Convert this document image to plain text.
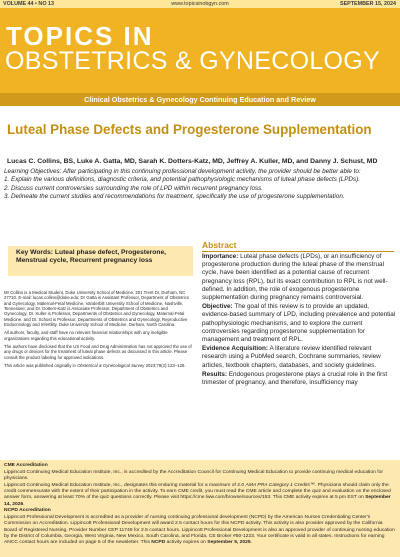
VOLUME 44 • NO 13	www.topicsinobgyn.com	SEPTEMBER 15, 2024
TOPICS IN
OBSTETRICS & GYNECOLOGY
Clinical Obstetrics & Gynecology Continuing Education and Review
Luteal Phase Defects and Progesterone Supplementation
Lucas C. Collins, BS, Luke A. Gatta, MD, Sarah K. Dotters-Katz, MD, Jeffrey A. Kuller, MD, and Danny J. Schust, MD

Learning Objectives: After participating in this continuing professional development activity, the provider should be better able to:

1. Explain the various definitions, diagnostic criteria, and potential pathophysiologic mechanisms of luteal phase defects (LPDs).
2. Discuss current controversies surrounding the role of LPD within recurrent pregnancy loss.
3. Delineate the current studies and recommendations for treatment, specifically the use of progesterone supplementation.
Key Words: Luteal phase defect, Progesterone, Menstrual cycle, Recurrent pregnancy loss

Mr Collins is a Medical Student, Duke University School of Medicine, 201 Trent Dr, Durham, NC 27710. E-mail: lucas.collins@duke.edu; Dr Gatta is Assistant Professor, Department of Obstetrics and Gynecology, Maternal-Fetal Medicine, Vanderbilt University School of Medicine, Nashville, Tennessee; and Dr. Dotters-Katz is Associate Professor, Department of Obstetrics and Gynecology, Dr. Kuller is Professor, Departments of Obstetrics and Gynecology, Maternal-Fetal Medicine, and Dr. Schust is Professor, Departments of Obstetrics and Gynecology, Reproductive Endocrinology and Infertility, Duke University School of Medicine, Durham, North Carolina.

All authors, faculty, and staff have no relevant financial relationships with any ineligible organizations regarding this educational activity.

The authors have disclosed that the US Food and Drug Administration has not approved the use of any drugs or devices for the treatment of luteal phase defects as discussed in this article. Please consult the product labeling for approved indications.

This article was published originally in Obstetrical & Gynecological Survey 2023;79(2):123–128.

Abstract

Importance: Luteal phase defects (LPDs), or an insufficiency of progesterone production during the luteal phase of the menstrual cycle, have been identified as a potential cause of recurrent pregnancy loss (RPL), but its exact contribution to RPL is not well-defined. In addition, the role of exogenous progesterone supplementation during pregnancy remains controversial.

Objective: The goal of this review is to provide an updated, evidence-based summary of LPD, including prevalence and potential pathophysiologic mechanisms, and to explore the current controversies regarding progesterone supplementation for management and treatment of RPL.

Evidence Acquisition: A literature review identified relevant research using a PubMed search, Cochrane summaries, review articles, textbook chapters, databases, and society guidelines.

Results: Endogenous progesterone plays a crucial role in the first trimester of pregnancy, and therefore, insufficiency may

CME Accreditation

Lippincott Continuing Medical Education Institute, Inc., is accredited by the Accreditation Council for Continuing Medical Education to provide continuing medical education for physicians.

Lippincott Continuing Medical Education Institute, Inc., designates this enduring material for a maximum of 2.0 AMA PRA Category 1 Credits™. Physicians should claim only the credit commensurate with the extent of their participation in the activity. To earn CME credit, you must read the CME article and complete the quiz and evaluation on the enclosed answer form, answering at least 70% of the quiz questions correctly. Please visit https://cme.lww.com/browse/sources/153. This CME activity expires at 5 pm EST on September 14, 2026.

NCPD Accreditation

Lippincott Professional Development is accredited as a provider of nursing continuing professional development (NCPD) by the American Nurses Credentialing Center's Commission on Accreditation. Lippincott Professional Development will award 2.5 contact hours for this NCPD activity. This activity is also provider approved by the California Board of Registered Nursing, Provider Number CEP 11749 for 2.5 contact hours. Lippincott Professional Development is also an approved provider of continuing nursing education by the District of Columbia, Georgia, West Virginia, New Mexico, South Carolina, and Florida, CE Broker #50-1223. Your certificate is valid in all states. Instructions for earning ANCC contact hours are included on page 6 of the newsletter. This NCPD activity expires on September 5, 2025.
